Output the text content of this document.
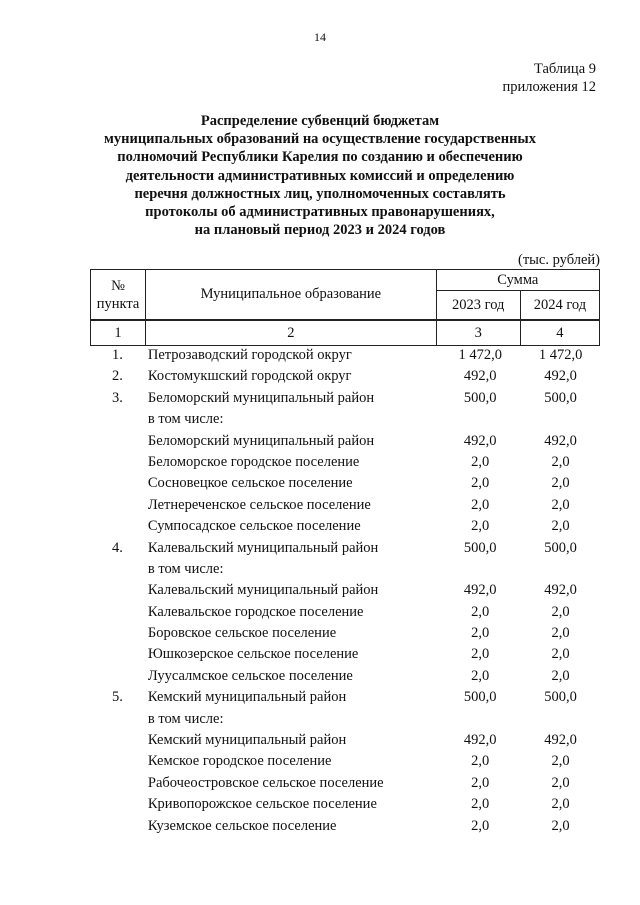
14
Таблица 9
приложения 12
Распределение субвенций бюджетам
муниципальных образований на осуществление государственных
полномочий Республики Карелия по созданию и обеспечению
деятельности административных комиссий и определению
перечня должностных лиц, уполномоченных составлять
протоколы об административных правонарушениях,
на плановый период 2023 и 2024 годов
(тыс. рублей)
№
пункта	Муниципальное образование	Сумма	
		2023 год	2024 год

1	2	3	4
1.	Петрозаводский городской округ	1 472,0	1 472,0
2.	Костомукшский городской округ	492,0	492,0
3.	Беломорский муниципальный район	500,0	500,0
в том числе:
Беломорский муниципальный район	492,0	492,0
Беломорское городское поселение	2,0	2,0
Сосновецкое сельское поселение	2,0	2,0
Летнереченское сельское поселение	2,0	2,0
Сумпосадское сельское поселение	2,0	2,0
4.	Калевальский муниципальный район	500,0	500,0
в том числе:
Калевальский муниципальный район	492,0	492,0
Калевальское городское поселение	2,0	2,0
Боровское сельское поселение	2,0	2,0
Юшкозерское сельское поселение	2,0	2,0
Луусалмское сельское поселение	2,0	2,0
5.	Кемский муниципальный район	500,0	500,0
в том числе:
Кемский муниципальный район	492,0	492,0
Кемское городское поселение	2,0	2,0
Рабочеостровское сельское поселение	2,0	2,0
Кривопорожское сельское поселение	2,0	2,0
Куземское сельское поселение	2,0	2,0
